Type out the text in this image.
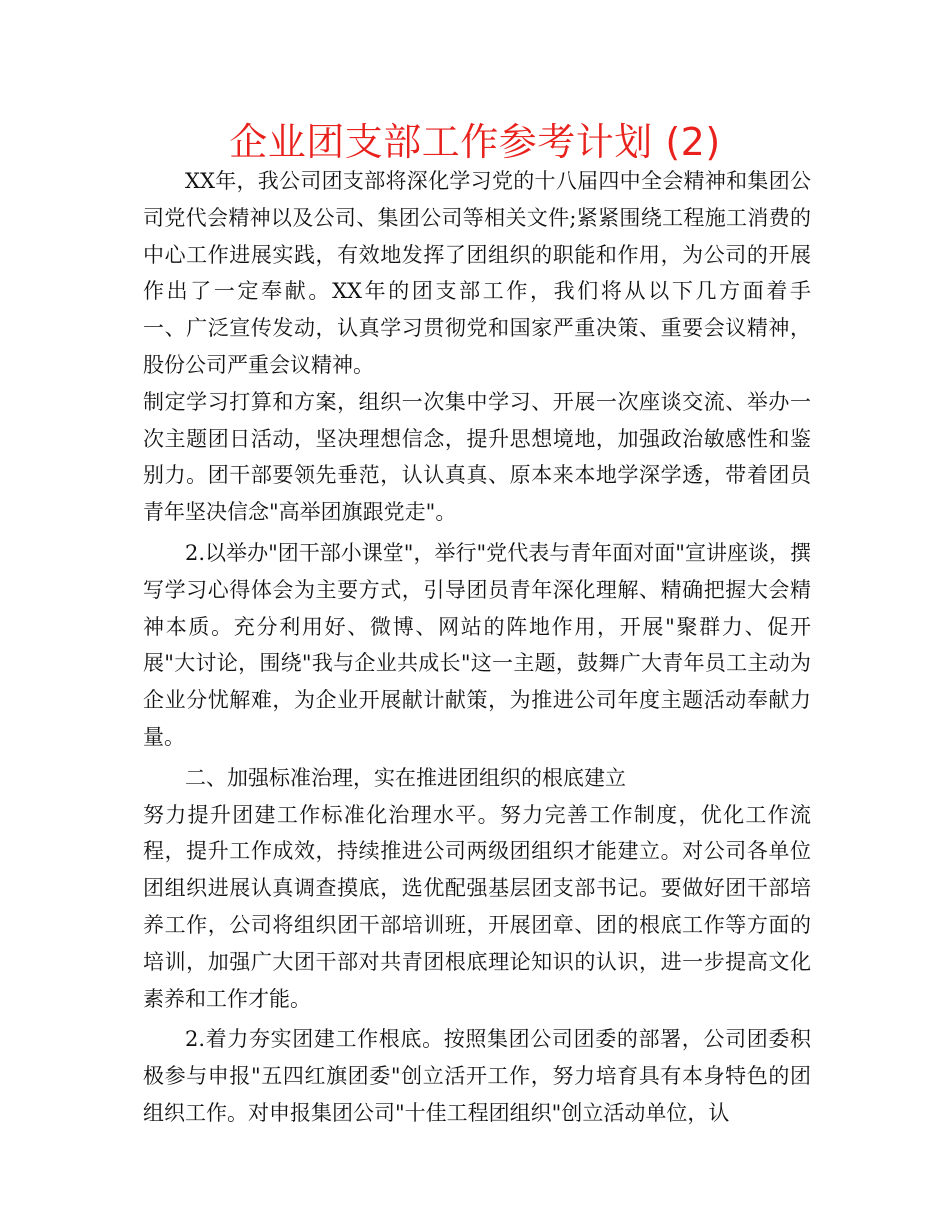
企业团支部工作参考计划 (2)

XX年，我公司团支部将深化学习党的十八届四中全会精神和集团公司党代会精神以及公司、集团公司等相关文件;紧紧围绕工程施工消费的中心工作进展实践，有效地发挥了团组织的职能和作用，为公司的开展作出了一定奉献。XX年的团支部工作，我们将从以下几方面着手　　一、广泛宣传发动，认真学习贯彻党和国家严重决策、重要会议精神，股份公司严重会议精神。

制定学习打算和方案，组织一次集中学习、开展一次座谈交流、举办一次主题团日活动，坚决理想信念，提升思想境地，加强政治敏感性和鉴别力。团干部要领先垂范，认认真真、原本来本地学深学透，带着团员青年坚决信念"高举团旗跟党走"。

2.以举办"团干部小课堂"，举行"党代表与青年面对面"宣讲座谈，撰写学习心得体会为主要方式，引导团员青年深化理解、精确把握大会精神本质。充分利用好、微博、网站的阵地作用，开展"聚群力、促开展"大讨论，围绕"我与企业共成长"这一主题，鼓舞广大青年员工主动为企业分忧解难，为企业开展献计献策，为推进公司年度主题活动奉献力量。

二、加强标准治理，实在推进团组织的根底建立

努力提升团建工作标准化治理水平。努力完善工作制度，优化工作流程，提升工作成效，持续推进公司两级团组织才能建立。对公司各单位团组织进展认真调查摸底，选优配强基层团支部书记。要做好团干部培养工作，公司将组织团干部培训班，开展团章、团的根底工作等方面的培训，加强广大团干部对共青团根底理论知识的认识，进一步提高文化素养和工作才能。

2.着力夯实团建工作根底。按照集团公司团委的部署，公司团委积极参与申报"五四红旗团委"创立活开工作，努力培育具有本身特色的团组织工作。对申报集团公司"十佳工程团组织"创立活动单位，认
